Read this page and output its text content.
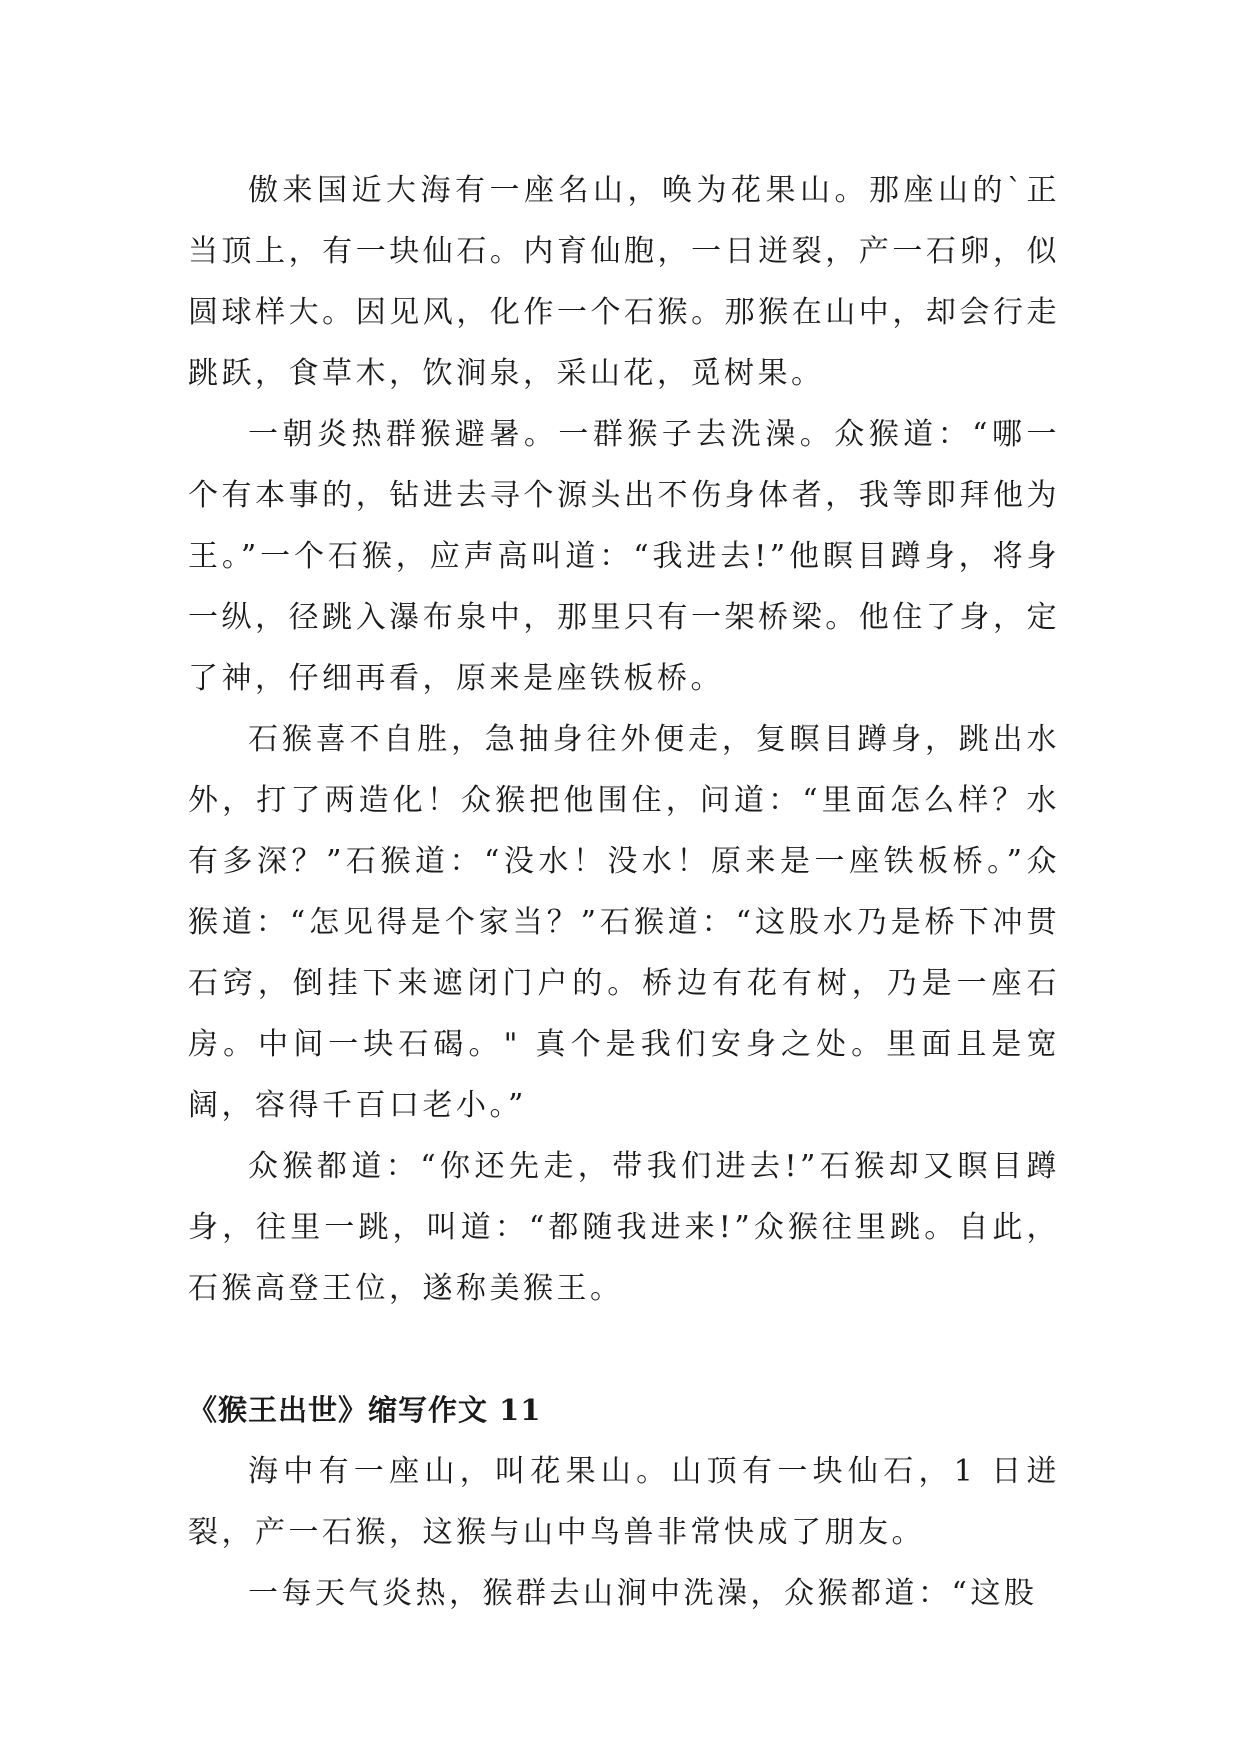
傲来国近大海有一座名山，唤为花果山。那座山的`正当顶上，有一块仙石。内育仙胞，一日迸裂，产一石卵，似圆球样大。因见风，化作一个石猴。那猴在山中，却会行走跳跃，食草木，饮涧泉，采山花，觅树果。

一朝炎热群猴避暑。一群猴子去洗澡。众猴道：“哪一个有本事的，钻进去寻个源头出不伤身体者，我等即拜他为王。”一个石猴，应声高叫道：“我进去!”他瞑目蹲身，将身一纵，径跳入瀑布泉中，那里只有一架桥梁。他住了身，定了神，仔细再看，原来是座铁板桥。

石猴喜不自胜，急抽身往外便走，复瞑目蹲身，跳出水外，打了两造化！众猴把他围住，问道：“里面怎么样？水有多深？”石猴道：“没水！没水！原来是一座铁板桥。”众猴道：“怎见得是个家当？”石猴道：“这股水乃是桥下冲贯石窍，倒挂下来遮闭门户的。桥边有花有树，乃是一座石房。中间一块石碣。" 真个是我们安身之处。里面且是宽阔，容得千百口老小。”

众猴都道：“你还先走，带我们进去!”石猴却又瞑目蹲身，往里一跳，叫道：“都随我进来!”众猴往里跳。自此，石猴高登王位，遂称美猴王。

《猴王出世》缩写作文 11

海中有一座山，叫花果山。山顶有一块仙石，1 日迸裂，产一石猴，这猴与山中鸟兽非常快成了朋友。

一每天气炎热，猴群去山涧中洗澡，众猴都道：“这股
